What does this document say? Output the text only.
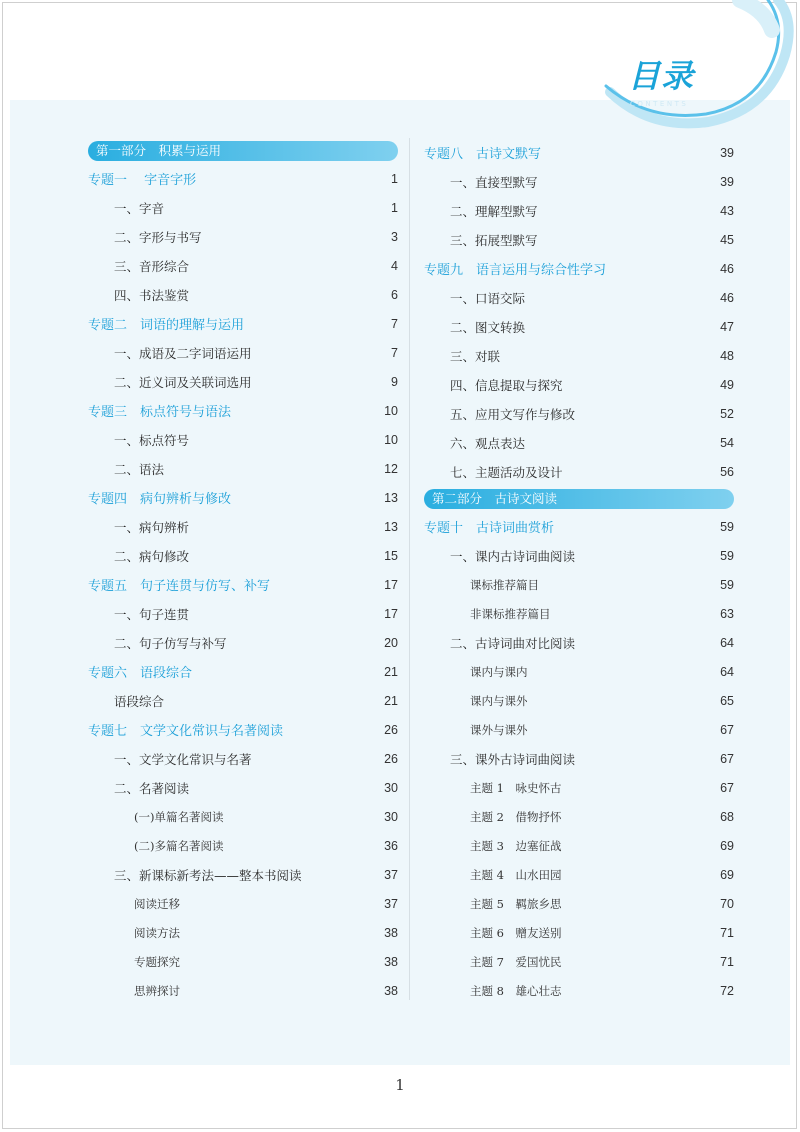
目录
CONTENTS
第一部分　积累与运用
专题一　 字音字形	1
一、字音	1
二、字形与书写	3
三、音形综合	4
四、书法鉴赏	6
专题二　词语的理解与运用	7
一、成语及二字词语运用	7
二、近义词及关联词选用	9
专题三　标点符号与语法	10
一、标点符号	10
二、语法	12
专题四　病句辨析与修改	13
一、病句辨析	13
二、病句修改	15
专题五　句子连贯与仿写、补写	17
一、句子连贯	17
二、句子仿写与补写	20
专题六　语段综合	21
语段综合	21
专题七　文学文化常识与名著阅读	26
一、文学文化常识与名著	26
二、名著阅读	30
(一)单篇名著阅读	30
(二)多篇名著阅读	36
三、新课标新考法——整本书阅读	37
阅读迁移	37
阅读方法	38
专题探究	38
思辨探讨	38
专题八　古诗文默写	39
一、直接型默写	39
二、理解型默写	43
三、拓展型默写	45
专题九　语言运用与综合性学习	46
一、口语交际	46
二、图文转换	47
三、对联	48
四、信息提取与探究	49
五、应用文写作与修改	52
六、观点表达	54
七、主题活动及设计	56
第二部分　古诗文阅读
专题十　古诗词曲赏析	59
一、课内古诗词曲阅读	59
课标推荐篇目	59
非课标推荐篇目	63
二、古诗词曲对比阅读	64
课内与课内	64
课内与课外	65
课外与课外	67
三、课外古诗词曲阅读	67
主题 1　咏史怀古	67
主题 2　借物抒怀	68
主题 3　边塞征战	69
主题 4　山水田园	69
主题 5　羁旅乡思	70
主题 6　赠友送别	71
主题 7　爱国忧民	71
主题 8　雄心壮志	72
1
